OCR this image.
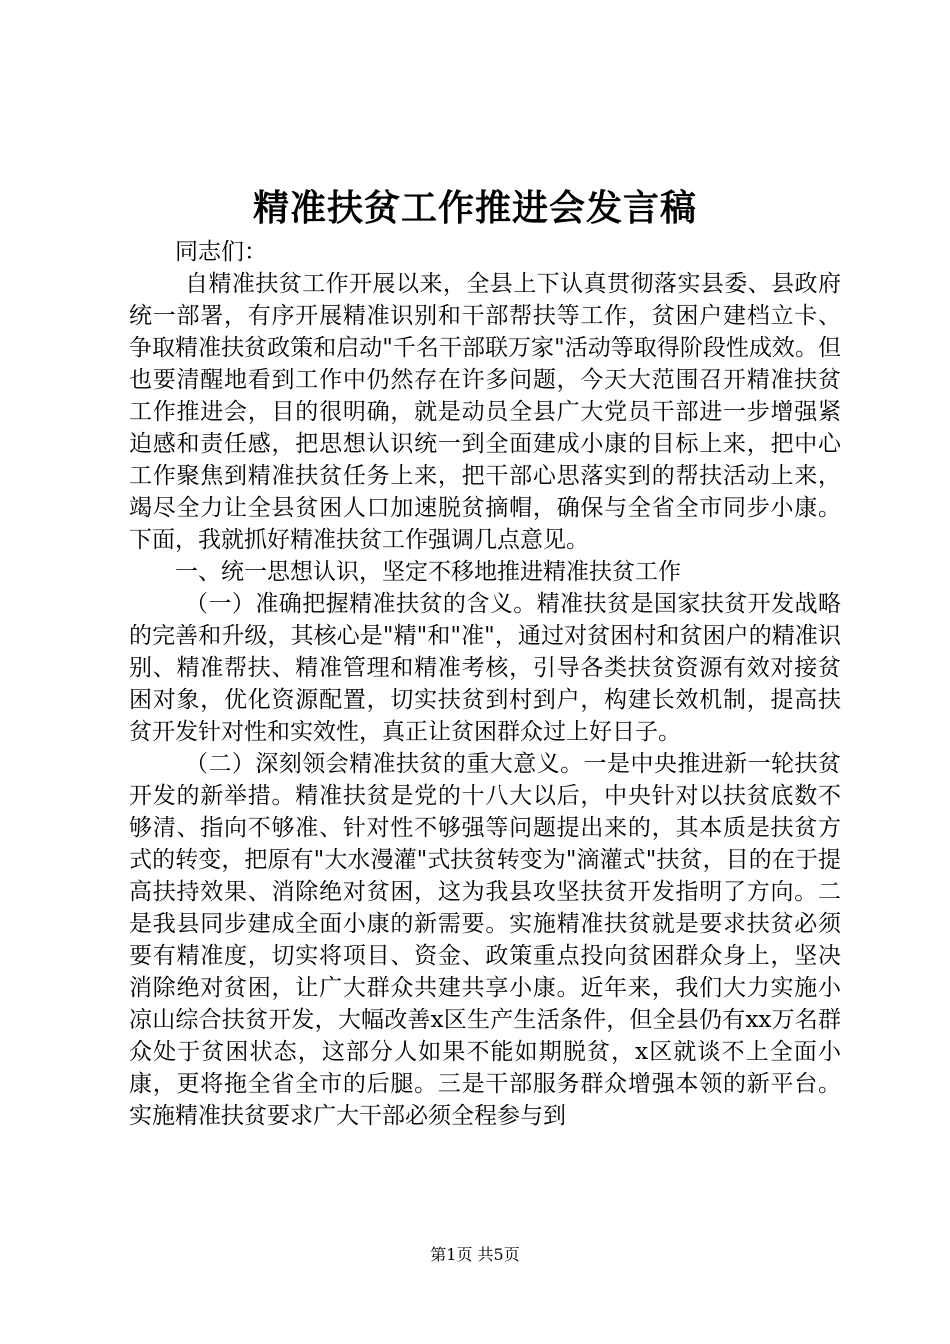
精准扶贫工作推进会发言稿

同志们：

自精准扶贫工作开展以来，全县上下认真贯彻落实县委、县政府统一部署，有序开展精准识别和干部帮扶等工作，贫困户建档立卡、争取精准扶贫政策和启动"千名干部联万家"活动等取得阶段性成效。但也要清醒地看到工作中仍然存在许多问题，今天大范围召开精准扶贫工作推进会，目的很明确，就是动员全县广大党员干部进一步增强紧迫感和责任感，把思想认识统一到全面建成小康的目标上来，把中心工作聚焦到精准扶贫任务上来，把干部心思落实到的帮扶活动上来，竭尽全力让全县贫困人口加速脱贫摘帽，确保与全省全市同步小康。下面，我就抓好精准扶贫工作强调几点意见。

一、统一思想认识，坚定不移地推进精准扶贫工作

（一）准确把握精准扶贫的含义。精准扶贫是国家扶贫开发战略的完善和升级，其核心是"精"和"准"，通过对贫困村和贫困户的精准识别、精准帮扶、精准管理和精准考核，引导各类扶贫资源有效对接贫困对象，优化资源配置，切实扶贫到村到户，构建长效机制，提高扶贫开发针对性和实效性，真正让贫困群众过上好日子。

（二）深刻领会精准扶贫的重大意义。一是中央推进新一轮扶贫开发的新举措。精准扶贫是党的十八大以后，中央针对以扶贫底数不够清、指向不够准、针对性不够强等问题提出来的，其本质是扶贫方式的转变，把原有"大水漫灌"式扶贫转变为"滴灌式"扶贫，目的在于提高扶持效果、消除绝对贫困，这为我县攻坚扶贫开发指明了方向。二是我县同步建成全面小康的新需要。实施精准扶贫就是要求扶贫必须要有精准度，切实将项目、资金、政策重点投向贫困群众身上，坚决消除绝对贫困，让广大群众共建共享小康。近年来，我们大力实施小凉山综合扶贫开发，大幅改善x区生产生活条件，但全县仍有xx万名群众处于贫困状态，这部分人如果不能如期脱贫，x区就谈不上全面小康，更将拖全省全市的后腿。三是干部服务群众增强本领的新平台。实施精准扶贫要求广大干部必须全程参与到

第1页 共5页
